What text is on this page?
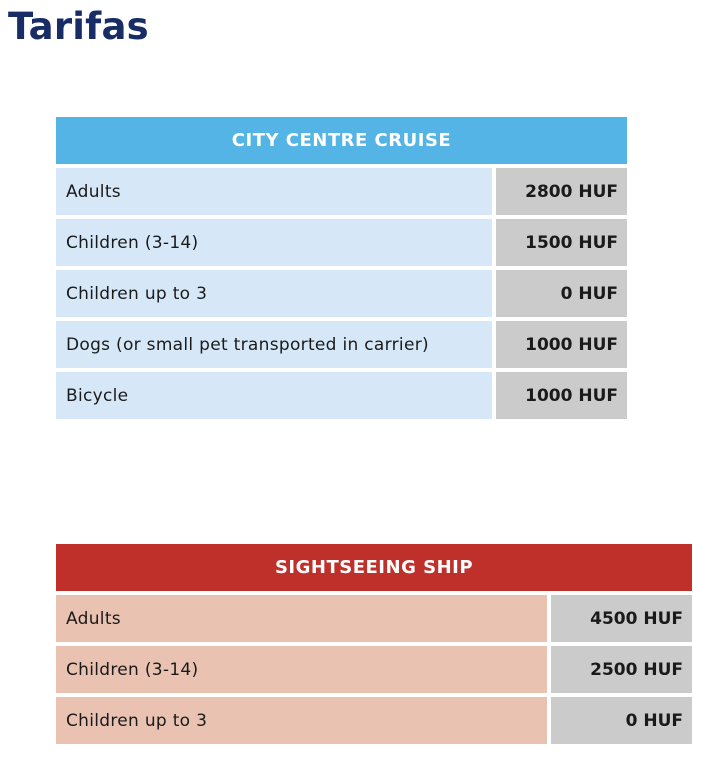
Tarifas
CITY CENTRE CRUISE
Adults	2800 HUF
Children (3-14)	1500 HUF
Children up to 3	0 HUF
Dogs (or small pet transported in carrier)	1000 HUF
Bicycle	1000 HUF
SIGHTSEEING SHIP
Adults	4500 HUF
Children (3-14)	2500 HUF
Children up to 3	0 HUF
